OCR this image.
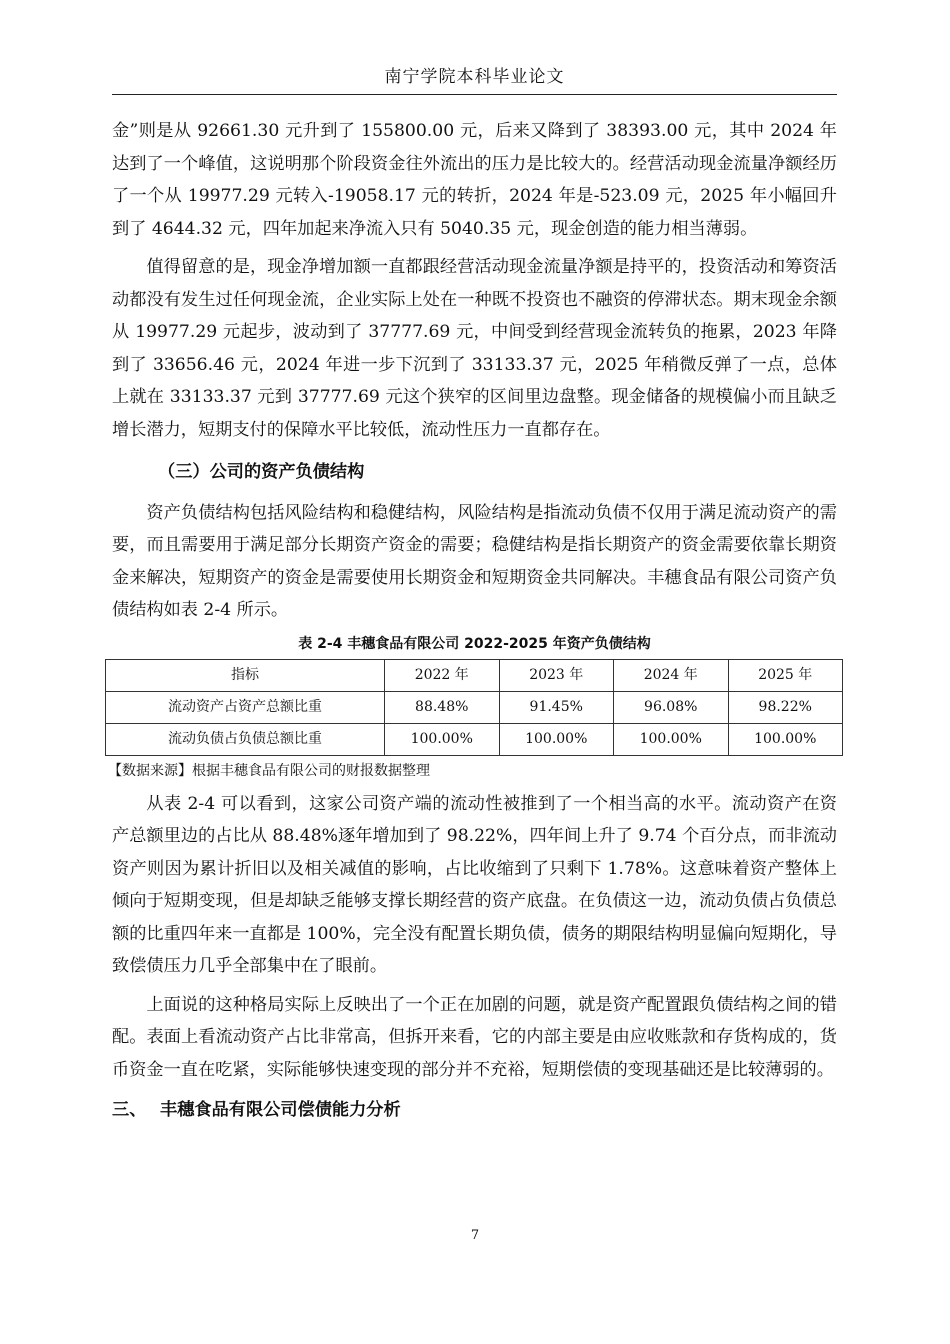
南宁学院本科毕业论文

金”则是从 92661.30 元升到了 155800.00 元，后来又降到了 38393.00 元，其中 2024 年达到了一个峰值，这说明那个阶段资金往外流出的压力是比较大的。经营活动现金流量净额经历了一个从 19977.29 元转入-19058.17 元的转折，2024 年是-523.09 元，2025 年小幅回升到了 4644.32 元，四年加起来净流入只有 5040.35 元，现金创造的能力相当薄弱。

值得留意的是，现金净增加额一直都跟经营活动现金流量净额是持平的，投资活动和筹资活动都没有发生过任何现金流，企业实际上处在一种既不投资也不融资的停滞状态。期末现金余额从 19977.29 元起步，波动到了 37777.69 元，中间受到经营现金流转负的拖累，2023 年降到了 33656.46 元，2024 年进一步下沉到了 33133.37 元，2025 年稍微反弹了一点，总体上就在 33133.37 元到 37777.69 元这个狭窄的区间里边盘整。现金储备的规模偏小而且缺乏增长潜力，短期支付的保障水平比较低，流动性压力一直都存在。

（三）公司的资产负债结构

资产负债结构包括风险结构和稳健结构，风险结构是指流动负债不仅用于满足流动资产的需要，而且需要用于满足部分长期资产资金的需要；稳健结构是指长期资产的资金需要依靠长期资金来解决，短期资产的资金是需要使用长期资金和短期资金共同解决。丰穗食品有限公司资产负债结构如表 2-4 所示。

表 2-4 丰穗食品有限公司 2022-2025 年资产负债结构
指标	2022 年	2023 年	2024 年	2025 年
流动资产占资产总额比重	88.48%	91.45%	96.08%	98.22%
流动负债占负债总额比重	100.00%	100.00%	100.00%	100.00%
【数据来源】根据丰穗食品有限公司的财报数据整理

从表 2-4 可以看到，这家公司资产端的流动性被推到了一个相当高的水平。流动资产在资产总额里边的占比从 88.48%逐年增加到了 98.22%，四年间上升了 9.74 个百分点，而非流动资产则因为累计折旧以及相关减值的影响，占比收缩到了只剩下 1.78%。这意味着资产整体上倾向于短期变现，但是却缺乏能够支撑长期经营的资产底盘。在负债这一边，流动负债占负债总额的比重四年来一直都是 100%，完全没有配置长期负债，债务的期限结构明显偏向短期化，导致偿债压力几乎全部集中在了眼前。

上面说的这种格局实际上反映出了一个正在加剧的问题，就是资产配置跟负债结构之间的错配。表面上看流动资产占比非常高，但拆开来看，它的内部主要是由应收账款和存货构成的，货币资金一直在吃紧，实际能够快速变现的部分并不充裕，短期偿债的变现基础还是比较薄弱的。

三、 丰穗食品有限公司偿债能力分析
7
